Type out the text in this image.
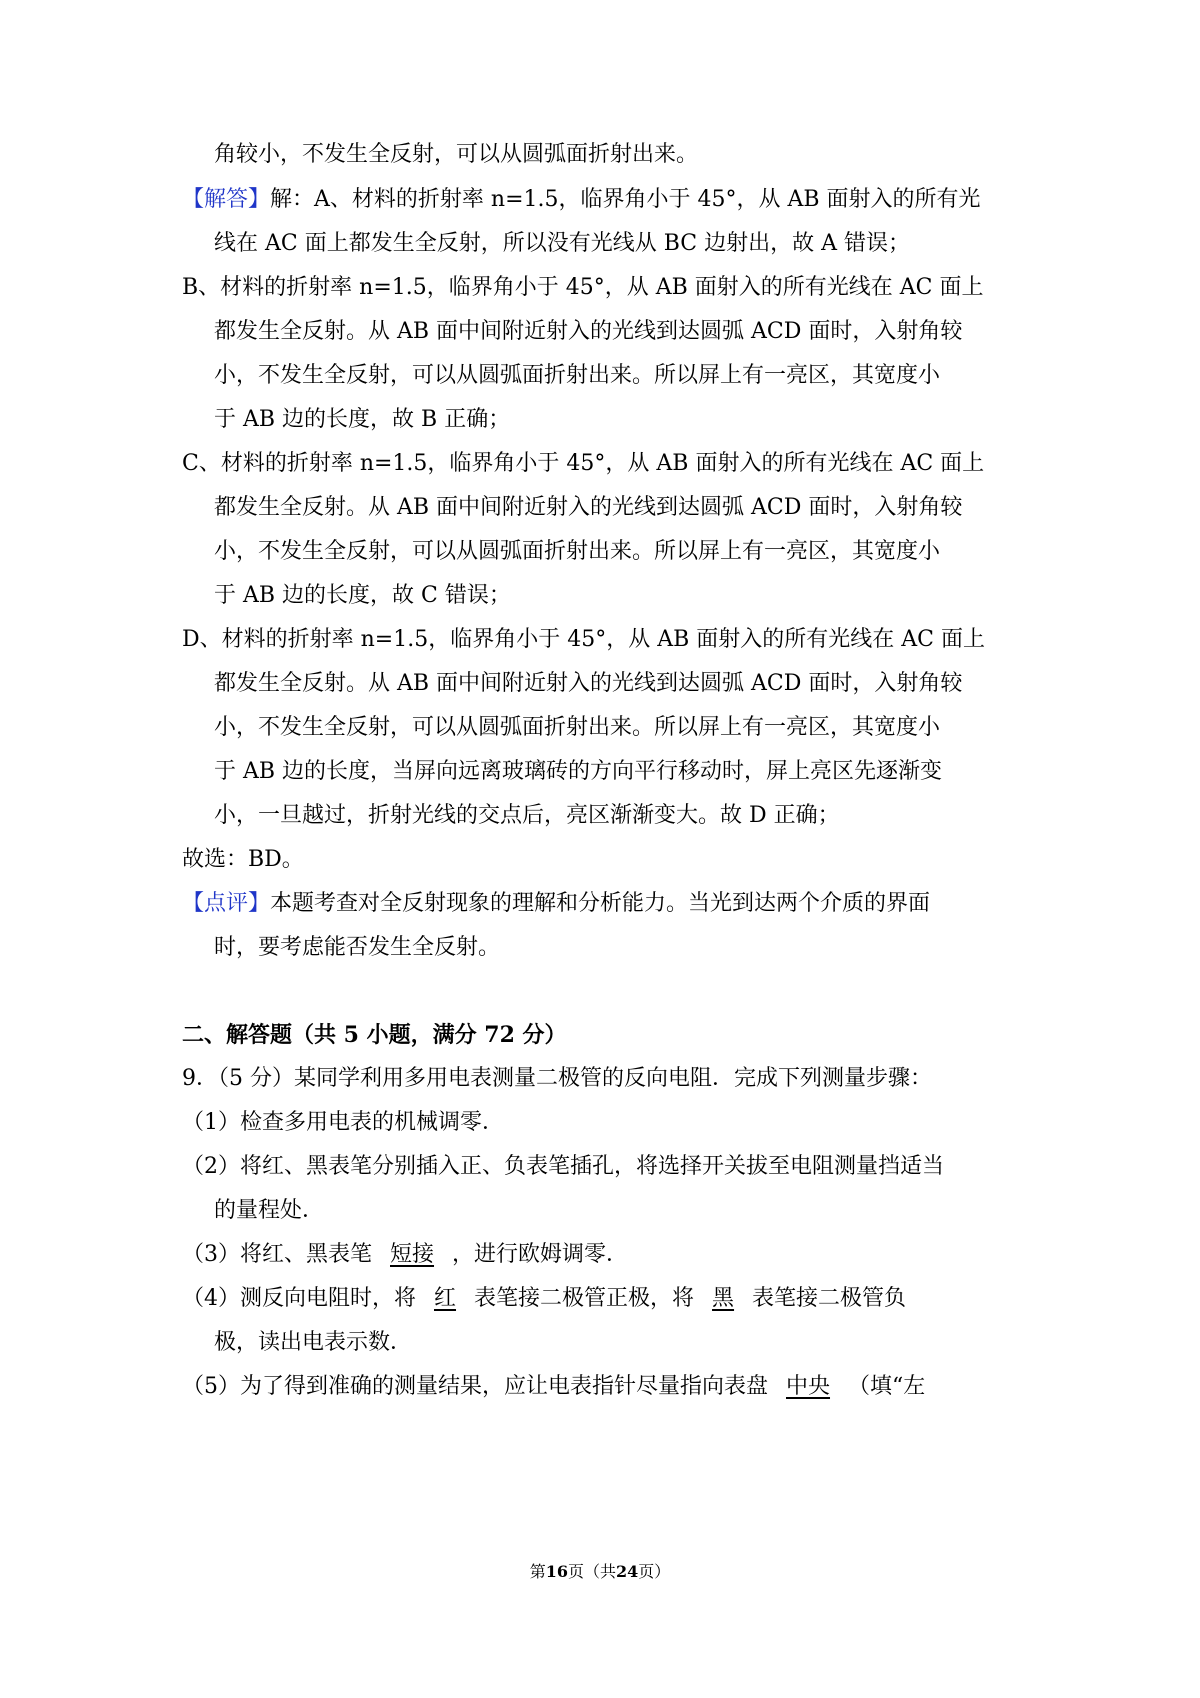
角较小，不发生全反射，可以从圆弧面折射出来。
【解答】解：A、材料的折射率 n=1.5，临界角小于 45°，从 AB 面射入的所有光
线在 AC 面上都发生全反射，所以没有光线从 BC 边射出，故 A 错误；
B、材料的折射率 n=1.5，临界角小于 45°，从 AB 面射入的所有光线在 AC 面上
都发生全反射。从 AB 面中间附近射入的光线到达圆弧 ACD 面时，入射角较
小，不发生全反射，可以从圆弧面折射出来。所以屏上有一亮区，其宽度小
于 AB 边的长度，故 B 正确；
C、材料的折射率 n=1.5，临界角小于 45°，从 AB 面射入的所有光线在 AC 面上
都发生全反射。从 AB 面中间附近射入的光线到达圆弧 ACD 面时，入射角较
小，不发生全反射，可以从圆弧面折射出来。所以屏上有一亮区，其宽度小
于 AB 边的长度，故 C 错误；
D、材料的折射率 n=1.5，临界角小于 45°，从 AB 面射入的所有光线在 AC 面上
都发生全反射。从 AB 面中间附近射入的光线到达圆弧 ACD 面时，入射角较
小，不发生全反射，可以从圆弧面折射出来。所以屏上有一亮区，其宽度小
于 AB 边的长度，当屏向远离玻璃砖的方向平行移动时，屏上亮区先逐渐变
小，一旦越过，折射光线的交点后，亮区渐渐变大。故 D 正确；
故选：BD。
【点评】本题考查对全反射现象的理解和分析能力。当光到达两个介质的界面
时，要考虑能否发生全反射。
二、解答题（共 5 小题，满分 72 分）
9．（5 分）某同学利用多用电表测量二极管的反向电阻．完成下列测量步骤：
（1）检查多用电表的机械调零．
（2）将红、黑表笔分别插入正、负表笔插孔，将选择开关拔至电阻测量挡适当
的量程处．
（3）将红、黑表笔 短接 ，进行欧姆调零．
（4）测反向电阻时，将 红 表笔接二极管正极，将 黑 表笔接二极管负
极，读出电表示数．
（5）为了得到准确的测量结果，应让电表指针尽量指向表盘 中央 （填“左
第16页（共24页）
